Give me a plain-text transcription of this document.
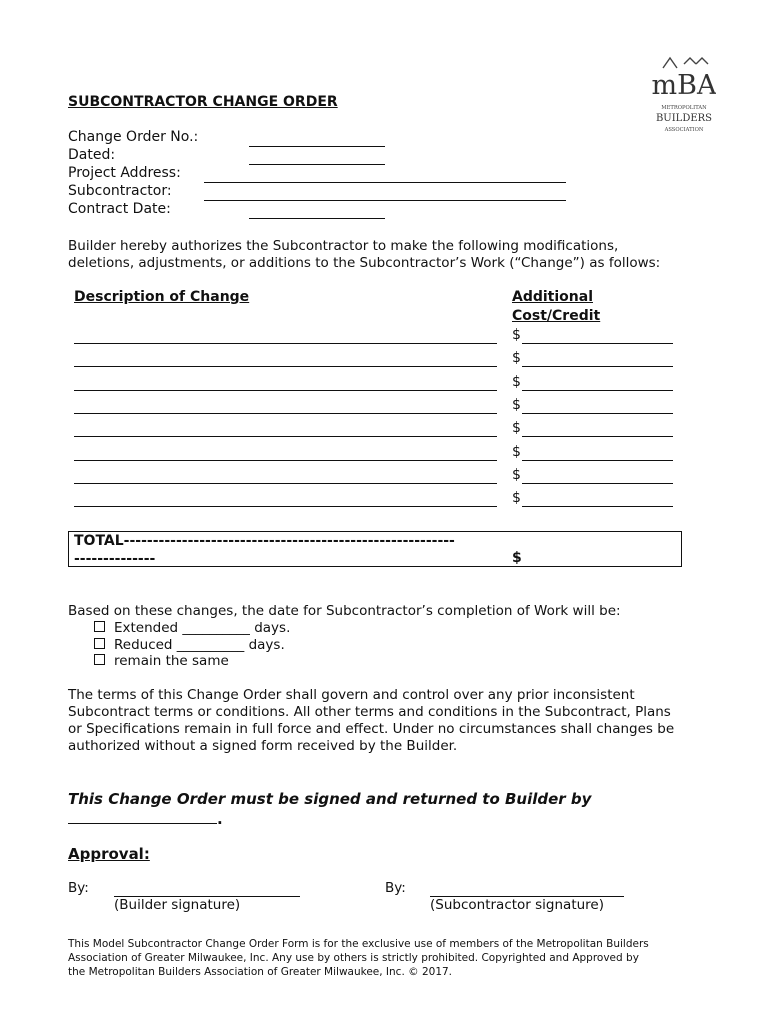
mBA
METROPOLITAN
BUILDERS
ASSOCIATION
SUBCONTRACTOR CHANGE ORDER
Change Order No.:
Dated:
Project Address:
Subcontractor:
Contract Date:
Builder hereby authorizes the Subcontractor to make the following modifications,
deletions, adjustments, or additions to the Subcontractor’s Work (“Change”) as follows:
Description of Change	Additional
Cost/Credit
$
$
$
$
$
$
$
$
TOTAL---------------------------------------------------------
--------------	$
Based on these changes, the date for Subcontractor’s completion of Work will be:
Extended __________ days.
Reduced __________ days.
remain the same
The terms of this Change Order shall govern and control over any prior inconsistent
Subcontract terms or conditions. All other terms and conditions in the Subcontract, Plans
or Specifications remain in full force and effect. Under no circumstances shall changes be
authorized without a signed form received by the Builder.
This Change Order must be signed and returned to Builder by
.
Approval:
By:
(Builder signature)
By:
(Subcontractor signature)
This Model Subcontractor Change Order Form is for the exclusive use of members of the Metropolitan Builders
Association of Greater Milwaukee, Inc. Any use by others is strictly prohibited. Copyrighted and Approved by
the Metropolitan Builders Association of Greater Milwaukee, Inc. © 2017.
